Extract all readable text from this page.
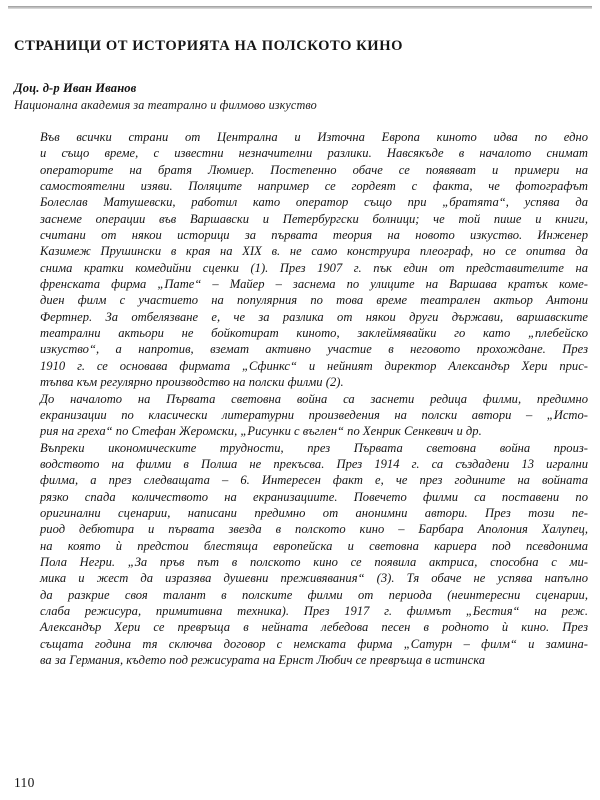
СТРАНИЦИ ОТ ИСТОРИЯТА НА ПОЛСКОТО КИНО
Доц. д-р Иван Иванов
Национална академия за театрално и филмово изкуство

Във всички страни от Централна и Източна Европа киното идва по едно
и също време, с известни незначителни разлики. Навсякъде в началото снимат
операторите на братя Люмиер. Постепенно обаче се появяват и примери на
самостоятелни изяви. Поляците например се гордеят с факта, че фотографът
Болеслав Матушевски, работил като оператор също при „братята“, успява да
заснеме операции във Варшавски и Петербургски болници; че той пише и книги,
считани от някои историци за първата теория на новото изкуство. Инженер
Казимеж Прушински в края на XIX в. не само конструира плеограф, но се опитва да
снима кратки комедийни сценки (1). През 1907 г. пък един от представителите на
френската фирма „Пате“ – Майер – заснема по улиците на Варшава кратък коме-
диен филм с участието на популярния по това време театрален актьор Антони
Фертнер. За отбелязване е, че за разлика от някои други държави, варшавските
театрални актьори не бойкотират киното, заклеймявайки го като „плебейско
изкуство“, а напротив, вземат активно участие в неговото прохождане. През
1910 г. се основава фирмата „Сфинкс“ и нейният директор Александър Хери прис-
тъпва към регулярно производство на полски филми (2).

До началото на Първата световна война са заснети редица филми, предимно
екранизации по класически литературни произведения на полски автори – „Исто-
рия на греха“ по Стефан Жеромски, „Рисунки с въглен“ по Хенрик Сенкевич и др.

Въпреки икономическите трудности, през Първата световна война произ-
водството на филми в Полша не прекъсва. През 1914 г. са създадени 13 игрални
филма, а през следващата – 6. Интересен факт е, че през годините на войната
рязко спада количеството на екранизациите. Повечето филми са поставени по
оригинални сценарии, написани предимно от анонимни автори. През този пе-
риод дебютира и първата звезда в полското кино – Барбара Аполония Халупец,
на която ѝ предстои блестяща европейска и световна кариера под псевдонима
Пола Негри. „За пръв път в полското кино се появила актриса, способна с ми-
мика и жест да изразява душевни преживявания“ (3). Тя обаче не успява напълно
да разкрие своя талант в полските филми от периода (неинтересни сценарии,
слаба режисура, примитивна техника). През 1917 г. филмът „Бестия“ на реж.
Александър Хери се превръща в нейната лебедова песен в родното ѝ кино. През
същата година тя сключва договор с немската фирма „Сатурн – филм“ и замина-
ва за Германия, където под режисурата на Ернст Любич се превръща в истинска

110
